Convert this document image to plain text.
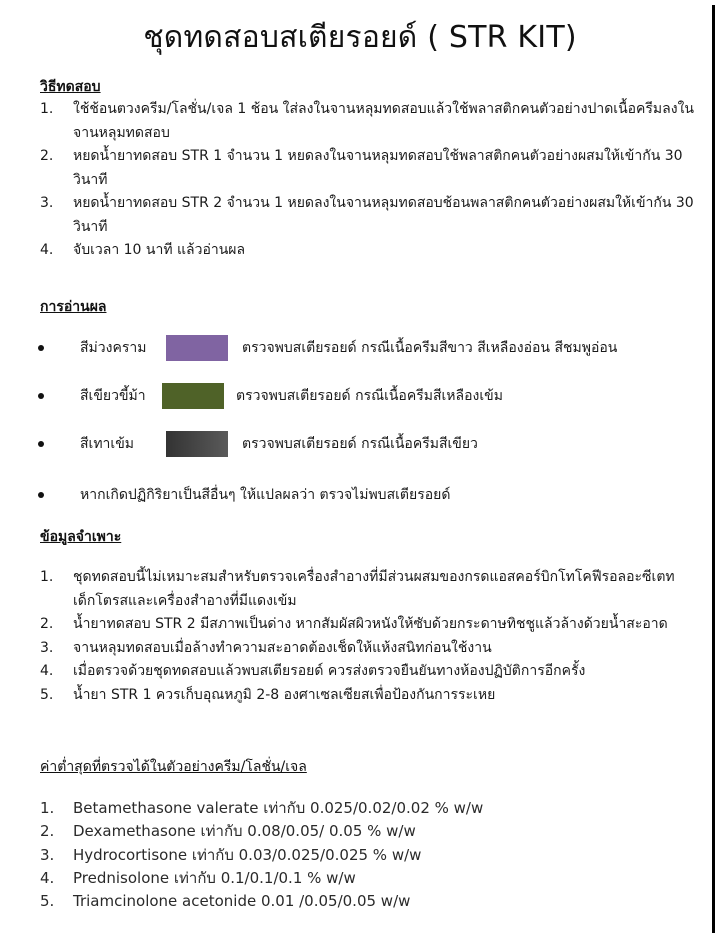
ชุดทดสอบสเตียรอยด์ ( STR KIT)
วิธีทดสอบ
1.	ใช้ช้อนตวงครีม/โลชั่น/เจล 1 ช้อน ใส่ลงในจานหลุมทดสอบแล้วใช้พลาสติกคนตัวอย่างปาดเนื้อครีมลงในจานหลุมทดสอบ
2.	หยดน้ำยาทดสอบ STR 1 จำนวน 1 หยดลงในจานหลุมทดสอบใช้พลาสติกคนตัวอย่างผสมให้เข้ากัน 30 วินาที
3.	หยดน้ำยาทดสอบ STR 2 จำนวน 1 หยดลงในจานหลุมทดสอบช้อนพลาสติกคนตัวอย่างผสมให้เข้ากัน 30 วินาที
4.	จับเวลา 10 นาที แล้วอ่านผล
การอ่านผล
สีม่วงคราม	ตรวจพบสเตียรอยด์ กรณีเนื้อครีมสีขาว สีเหลืองอ่อน สีชมพูอ่อน
สีเขียวขี้ม้า	ตรวจพบสเตียรอยด์ กรณีเนื้อครีมสีเหลืองเข้ม
สีเทาเข้ม	ตรวจพบสเตียรอยด์ กรณีเนื้อครีมสีเขียว
หากเกิดปฏิกิริยาเป็นสีอื่นๆ ให้แปลผลว่า ตรวจไม่พบสเตียรอยด์
ข้อมูลจำเพาะ
1.	ชุดทดสอบนี้ไม่เหมาะสมสำหรับตรวจเครื่องสำอางที่มีส่วนผสมของกรดแอสคอร์บิกโทโคฟีรอลอะซีเตท เด็กโตรสและเครื่องสำอางที่มีแดงเข้ม
2.	น้ำยาทดสอบ STR 2 มีสภาพเป็นด่าง หากสัมผัสผิวหนังให้ซับด้วยกระดาษทิชชูแล้วล้างด้วยน้ำสะอาด
3.	จานหลุมทดสอบเมื่อล้างทำความสะอาดต้องเช็ดให้แห้งสนิทก่อนใช้งาน
4.	เมื่อตรวจด้วยชุดทดสอบแล้วพบสเตียรอยด์ ควรส่งตรวจยืนยันทางห้องปฏิบัติการอีกครั้ง
5.	น้ำยา STR 1 ควรเก็บอุณหภูมิ 2-8 องศาเซลเซียสเพื่อป้องกันการระเหย
ค่าต่ำสุดที่ตรวจได้ในตัวอย่างครีม/โลชั่น/เจล
1.	Betamethasone valerate เท่ากับ 0.025/0.02/0.02 % w/w
2.	Dexamethasone เท่ากับ 0.08/0.05/ 0.05 % w/w
3.	Hydrocortisone เท่ากับ 0.03/0.025/0.025 % w/w
4.	Prednisolone เท่ากับ 0.1/0.1/0.1 % w/w
5.	Triamcinolone acetonide 0.01 /0.05/0.05 w/w
